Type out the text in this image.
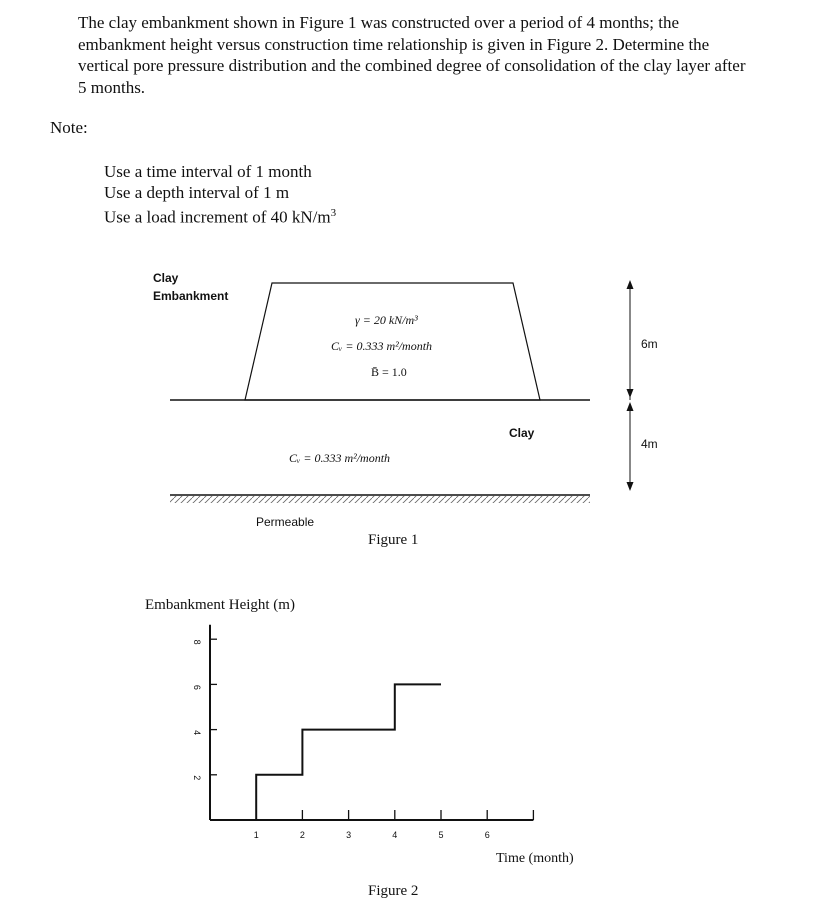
The clay embankment shown in Figure 1 was constructed over a period of 4 months; the embankment height versus construction time relationship is given in Figure 2. Determine the vertical pore pressure distribution and the combined degree of consolidation of the clay layer after 5 months.
Note:
Use a time interval of 1 month
Use a depth interval of 1 m
Use a load increment of 40 $kN/m^3$
Clay
Embankment
γ = 20 kN/m³
Cᵥ = 0.333 m²/month
B̄ = 1.0
Clay
Cᵥ = 0.333 m²/month
Permeable
6m
4m
Figure 1
Embankment Height (m)
1	2	3	4	5	6
2
4
6
8
Time (month)
Figure 2
